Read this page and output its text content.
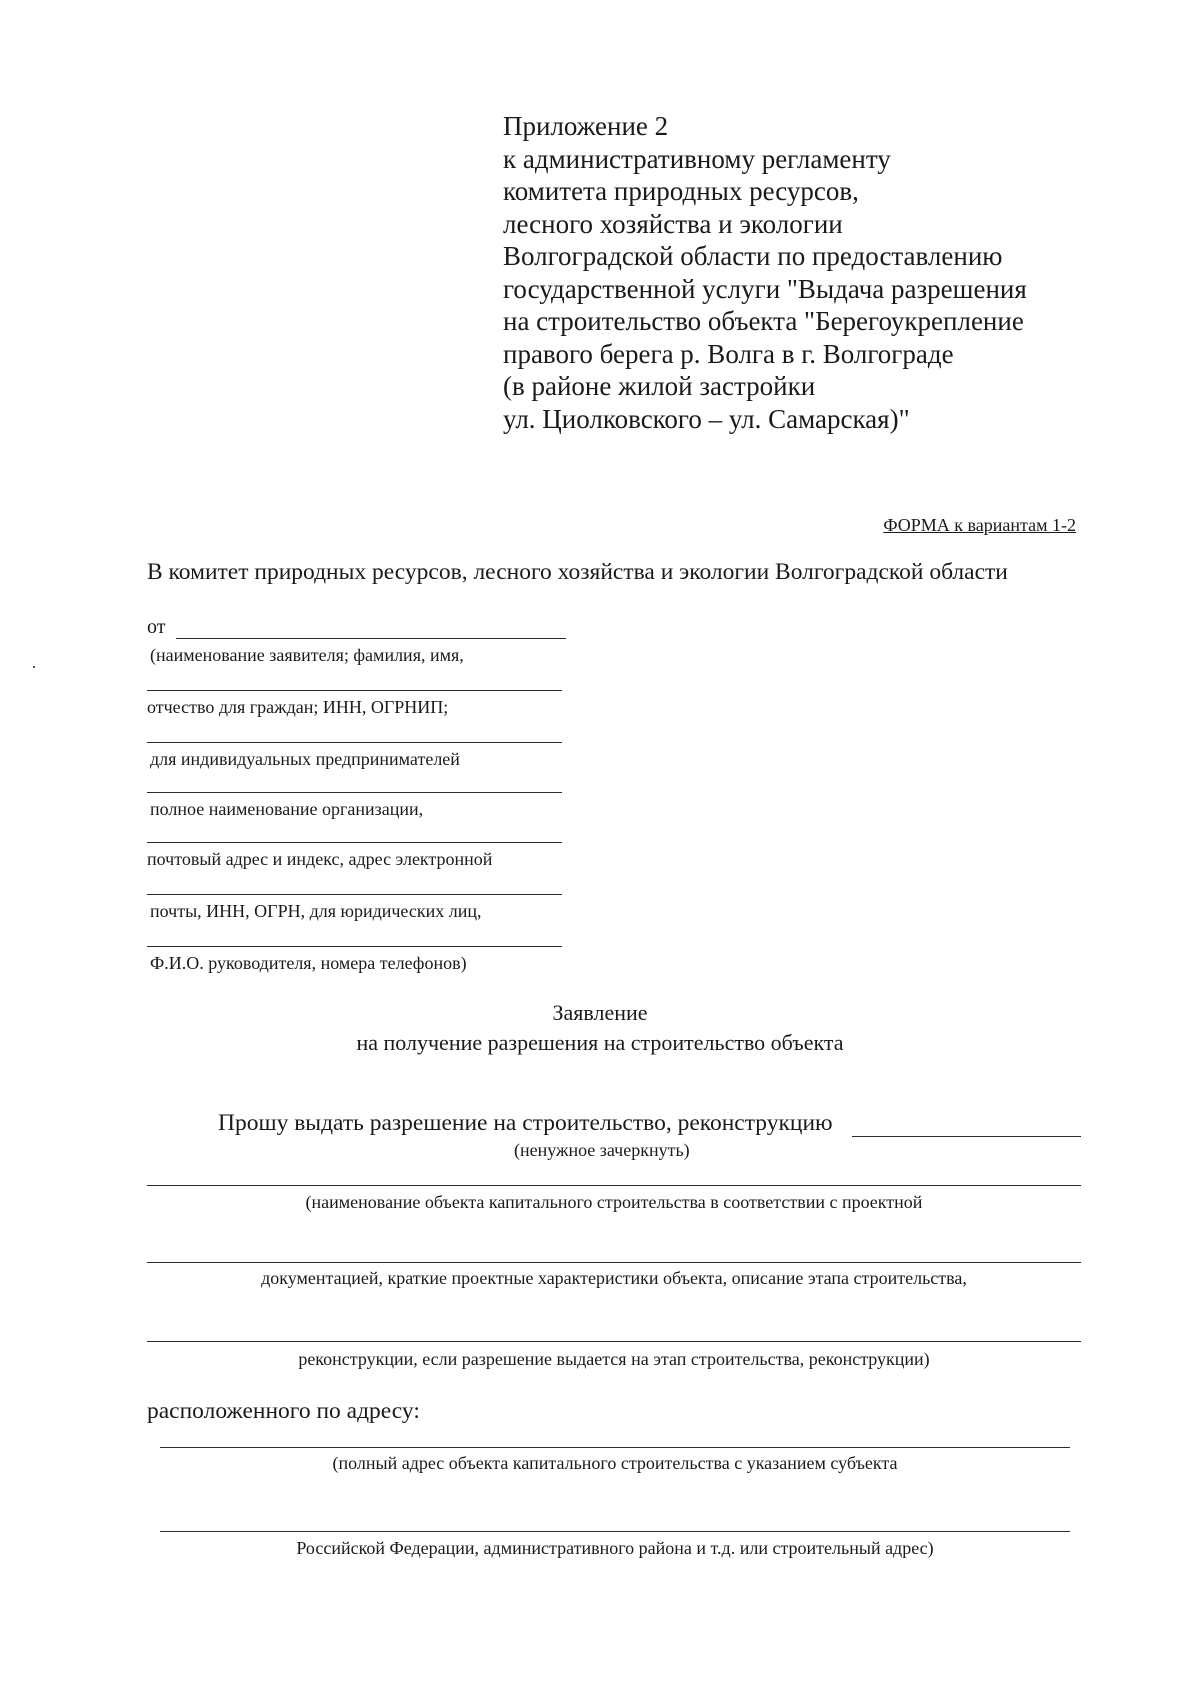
Приложение 2
к административному регламенту
комитета природных ресурсов,
лесного хозяйства и экологии
Волгоградской области по предоставлению
государственной услуги "Выдача разрешения
на строительство объекта "Берегоукрепление
правого берега р. Волга в г. Волгограде
(в районе жилой застройки
ул. Циолковского – ул. Самарская)"
ФОРМА к вариантам 1-2
В комитет природных ресурсов, лесного хозяйства и экологии Волгоградской области
от
(наименование заявителя; фамилия, имя,
отчество для граждан; ИНН, ОГРНИП;
для индивидуальных предпринимателей
полное наименование организации,
почтовый адрес и индекс, адрес электронной
почты, ИНН, ОГРН, для юридических лиц,
Ф.И.О. руководителя, номера телефонов)
Заявление
на получение разрешения на строительство объекта
Прошу выдать разрешение на строительство, реконструкцию
(ненужное зачеркнуть)
(наименование объекта капитального строительства в соответствии с проектной
документацией, краткие проектные характеристики объекта, описание этапа строительства,
реконструкции, если разрешение выдается на этап строительства, реконструкции)
расположенного по адресу:
(полный адрес объекта капитального строительства с указанием субъекта
Российской Федерации, административного района и т.д. или строительный адрес)
